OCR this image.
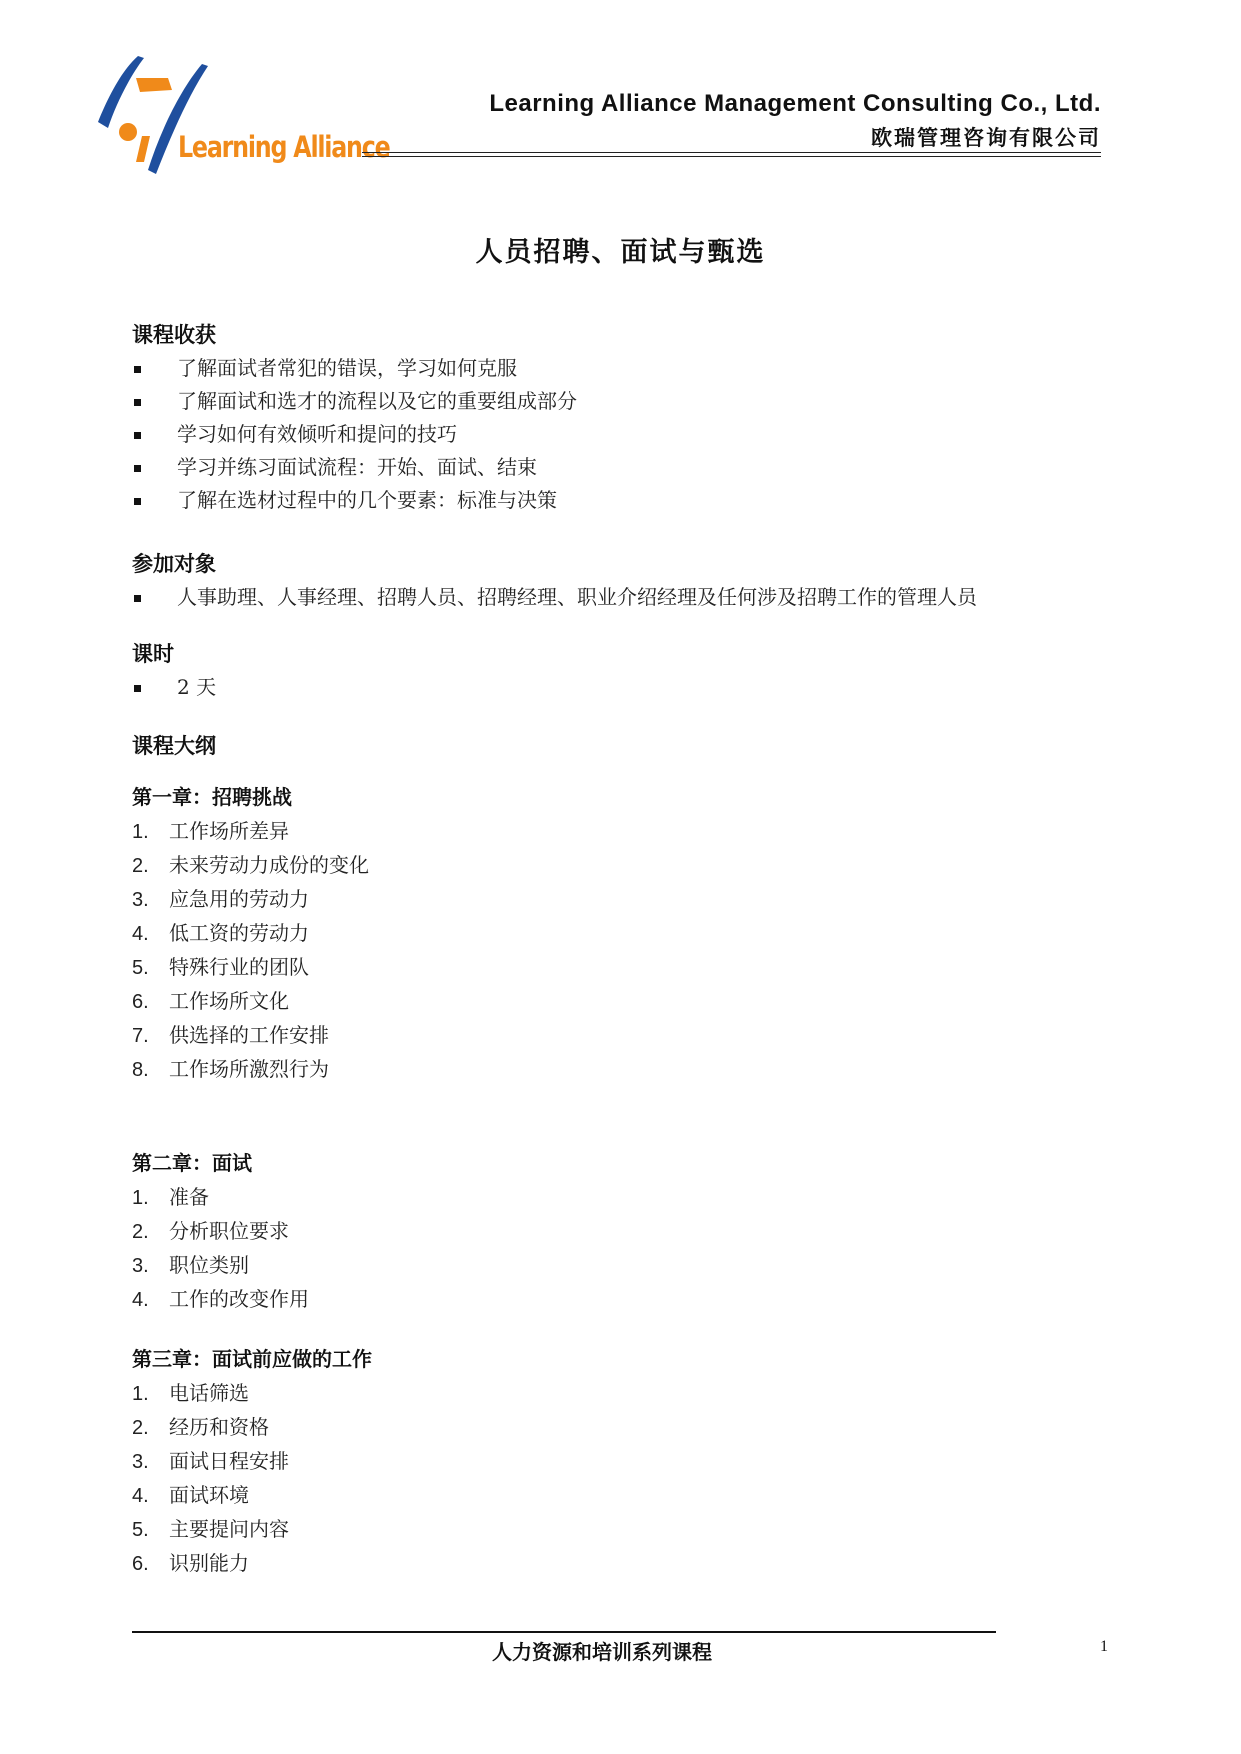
Learning Alliance
Learning Alliance Management Consulting Co., Ltd.
欧瑞管理咨询有限公司
人员招聘、面试与甄选
课程收获
了解面试者常犯的错误，学习如何克服
了解面试和选才的流程以及它的重要组成部分
学习如何有效倾听和提问的技巧
学习并练习面试流程：开始、面试、结束
了解在选材过程中的几个要素：标准与决策
参加对象
人事助理、人事经理、招聘人员、招聘经理、职业介绍经理及任何涉及招聘工作的管理人员
课时
2 天
课程大纲
第一章：招聘挑战
1. 工作场所差异
2. 未来劳动力成份的变化
3. 应急用的劳动力
4. 低工资的劳动力
5. 特殊行业的团队
6. 工作场所文化
7. 供选择的工作安排
8. 工作场所激烈行为
第二章：面试
1. 准备
2. 分析职位要求
3. 职位类别
4. 工作的改变作用
第三章：面试前应做的工作
1. 电话筛选
2. 经历和资格
3. 面试日程安排
4. 面试环境
5. 主要提问内容
6. 识别能力
人力资源和培训系列课程	1
